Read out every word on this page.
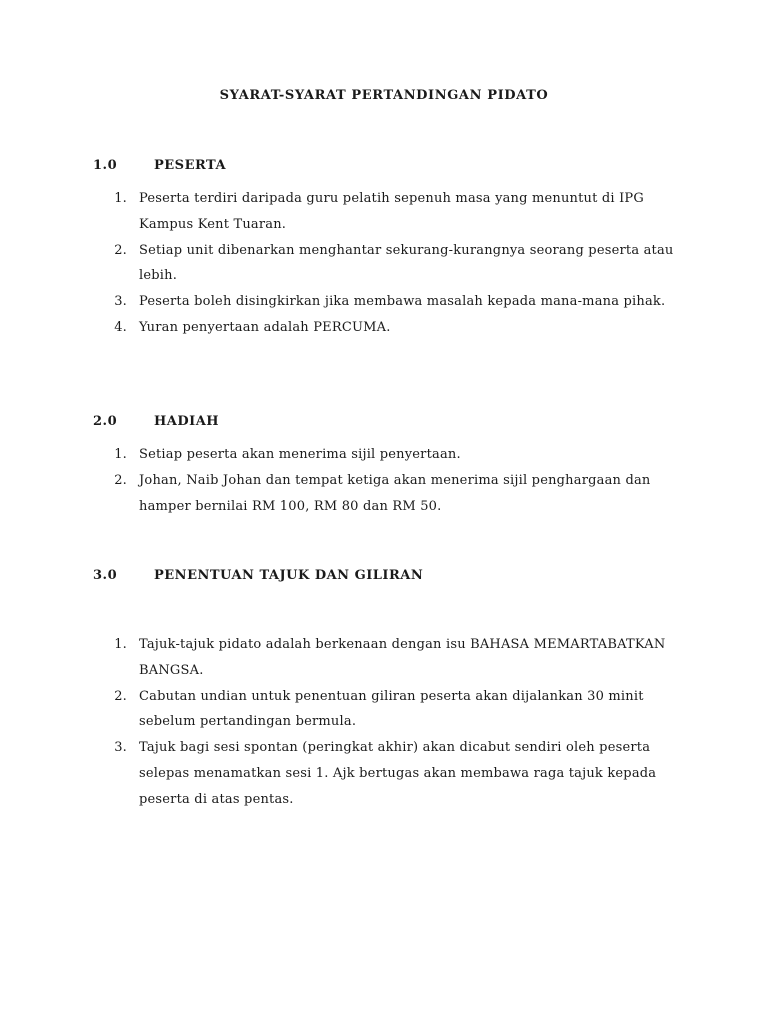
SYARAT-SYARAT PERTANDINGAN PIDATO
1.0	PESERTA
1. Peserta terdiri daripada guru pelatih sepenuh masa yang menuntut di IPG Kampus Kent Tuaran.
2. Setiap unit dibenarkan menghantar sekurang-kurangnya seorang peserta atau lebih.
3. Peserta boleh disingkirkan jika membawa masalah kepada mana-mana pihak.
4. Yuran penyertaan adalah PERCUMA.
2.0	HADIAH
1. Setiap peserta akan menerima sijil penyertaan.
2. Johan, Naib Johan dan tempat ketiga akan menerima sijil penghargaan dan hamper bernilai RM 100, RM 80 dan RM 50.
3.0	PENENTUAN TAJUK DAN GILIRAN
1. Tajuk-tajuk pidato adalah berkenaan dengan isu BAHASA MEMARTABATKAN BANGSA.
2. Cabutan undian untuk penentuan giliran peserta akan dijalankan 30 minit sebelum pertandingan bermula.
3. Tajuk bagi sesi spontan (peringkat akhir) akan dicabut sendiri oleh peserta selepas menamatkan sesi 1. Ajk bertugas akan membawa raga tajuk kepada peserta di atas pentas.
